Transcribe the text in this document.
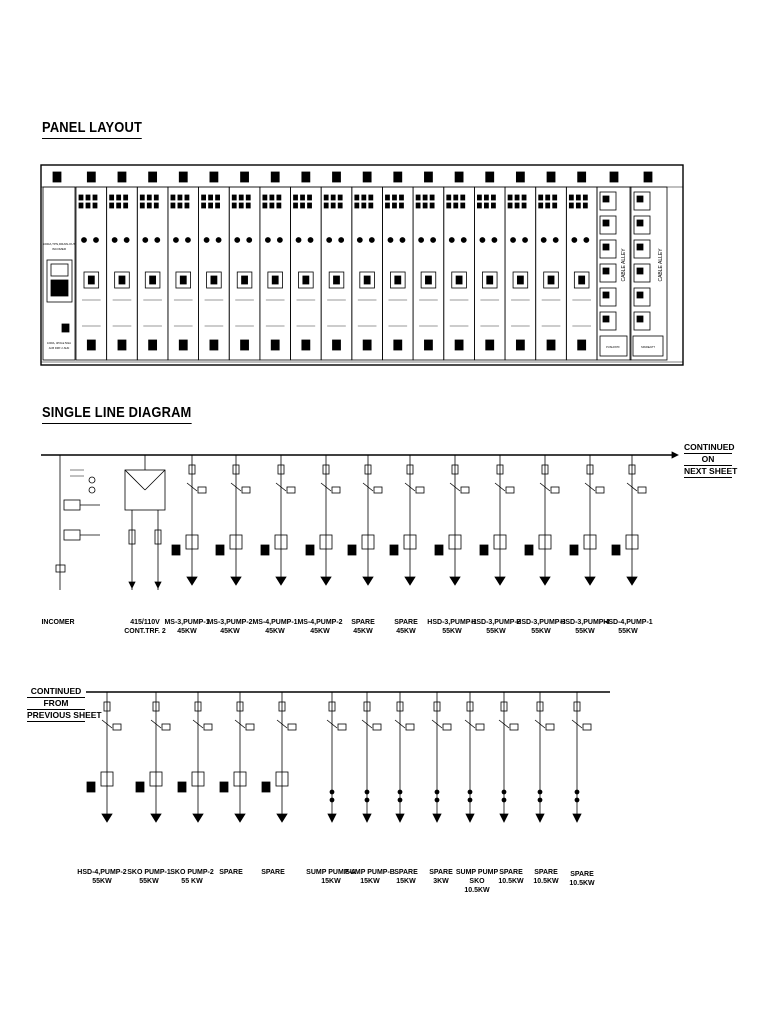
PANEL LAYOUT
SINGLE LINE DIAGRAM
1000A,TPN,DRAW-OUT
INCOMER
1000A, 4POLE 50kA
ACB DRP. 2-SHN
CABLE ALLEY	CABLE ALLEY
PUSH/INTF	SPARE/ATT
CONTINUED
ON
NEXT SHEET
CONTINUED
FROM
PREVIOUS SHEET
INCOMER	415/110V
CONT.TRF. 2
MS-3,PUMP-1
45KW
MS-3,PUMP-2
45KW
MS-4,PUMP-1
45KW
MS-4,PUMP-2
45KW
SPARE
45KW
SPARE
45KW
HSD-3,PUMP-1
55KW
HSD-3,PUMP-2
55KW
HSD-3,PUMP-3
55KW
HSD-3,PUMP-4
55KW
HSD-4,PUMP-1
55KW
HSD-4,PUMP-2
55KW
SKO PUMP-1
55KW
SKO PUMP-2
55 KW
SPARE	SPARE	SUMP PUMP-A
15KW
SUMP PUMP-B
15KW
SPARE
15KW
SPARE
3KW
SUMP PUMP
SKO
10.5KW
SPARE
10.5KW
SPARE
10.5KW
SPARE
10.5KW
